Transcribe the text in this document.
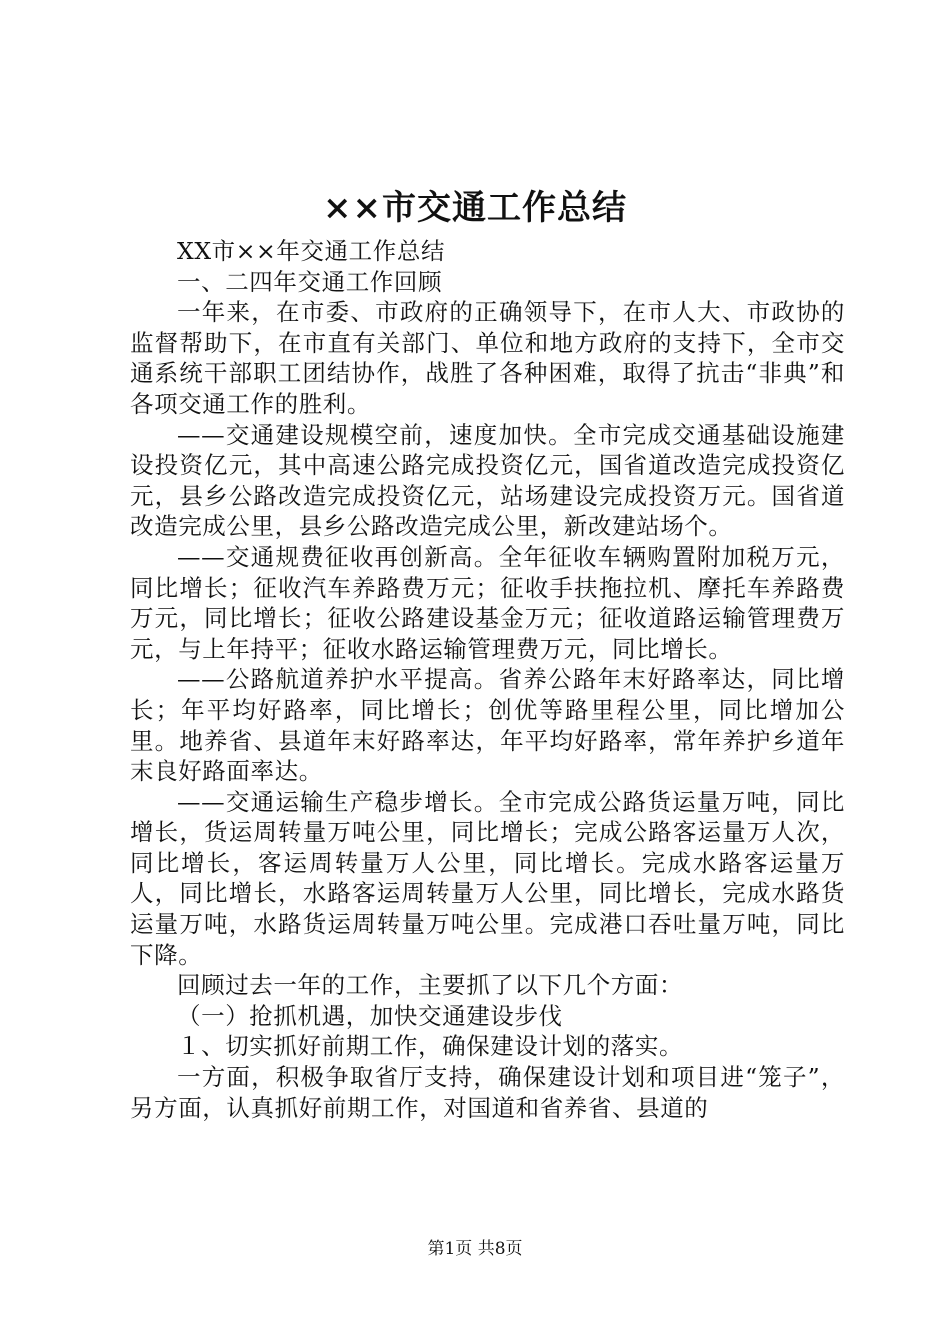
××市交通工作总结

XX市××年交通工作总结

一、二四年交通工作回顾

一年来，在市委、市政府的正确领导下，在市人大、市政协的监督帮助下，在市直有关部门、单位和地方政府的支持下，全市交通系统干部职工团结协作，战胜了各种困难，取得了抗击“非典”和各项交通工作的胜利。

——交通建设规模空前，速度加快。全市完成交通基础设施建设投资亿元，其中高速公路完成投资亿元，国省道改造完成投资亿元，县乡公路改造完成投资亿元，站场建设完成投资万元。国省道改造完成公里，县乡公路改造完成公里，新改建站场个。

——交通规费征收再创新高。全年征收车辆购置附加税万元，同比增长；征收汽车养路费万元；征收手扶拖拉机、摩托车养路费万元，同比增长；征收公路建设基金万元；征收道路运输管理费万元，与上年持平；征收水路运输管理费万元，同比增长。

——公路航道养护水平提高。省养公路年末好路率达，同比增长；年平均好路率，同比增长；创优等路里程公里，同比增加公里。地养省、县道年末好路率达，年平均好路率，常年养护乡道年末良好路面率达。

——交通运输生产稳步增长。全市完成公路货运量万吨，同比增长，货运周转量万吨公里，同比增长；完成公路客运量万人次，同比增长，客运周转量万人公里，同比增长。完成水路客运量万人，同比增长，水路客运周转量万人公里，同比增长，完成水路货运量万吨，水路货运周转量万吨公里。完成港口吞吐量万吨，同比下降。

回顾过去一年的工作，主要抓了以下几个方面：

（一）抢抓机遇，加快交通建设步伐

１、切实抓好前期工作，确保建设计划的落实。

一方面，积极争取省厅支持，确保建设计划和项目进“笼子”，另方面，认真抓好前期工作，对国道和省养省、县道的

第1页 共8页
